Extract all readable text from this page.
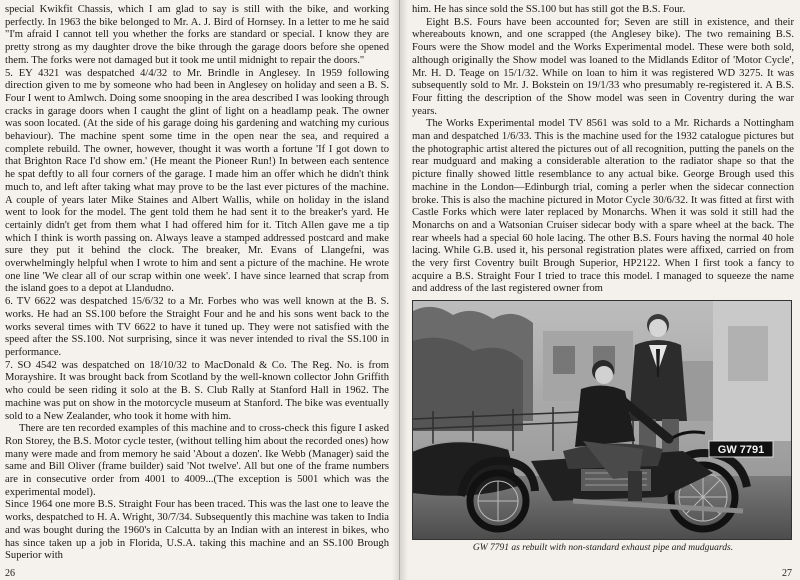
special Kwikfit Chassis, which I am glad to say is still with the bike, and working perfectly. In 1963 the bike belonged to Mr. A. J. Bird of Hornsey. In a letter to me he said "I'm afraid I cannot tell you whether the forks are standard or special. I know they are pretty strong as my daughter drove the bike through the garage doors before she opened them. The forks were not damaged but it took me until midnight to repair the doors."

5. EY 4321 was despatched 4/4/32 to Mr. Brindle in Anglesey. In 1959 following direction given to me by someone who had been in Anglesey on holiday and seen a B. S. Four I went to Amlwch. Doing some snooping in the area described I was looking through cracks in garage doors when I caught the glint of light on a headlamp peak. The owner was soon located. (At the side of his garage doing his gardening and watching my curious behaviour). The machine spent some time in the open near the sea, and required a complete rebuild. The owner, however, thought it was worth a fortune 'If I got down to that Brighton Race I'd show em.' (He meant the Pioneer Run!) In between each sentence he spat deftly to all four corners of the garage. I made him an offer which he didn't think much to, and left after taking what may prove to be the last ever pictures of the machine. A couple of years later Mike Staines and Albert Wallis, while on holiday in the island went to look for the model. The gent told them he had sent it to the breaker's yard. He certainly didn't get from them what I had offered him for it. Titch Allen gave me a tip which I think is worth passing on. Always leave a stamped addressed postcard and make sure they put it behind the clock. The breaker, Mr. Evans of Llangefni, was overwhelmingly helpful when I wrote to him and sent a picture of the machine. He wrote one line 'We clear all of our scrap within one week'. I have since learned that scrap from the island goes to a depot at Llandudno.

6. TV 6622 was despatched 15/6/32 to a Mr. Forbes who was well known at the B. S. works. He had an SS.100 before the Straight Four and he and his sons went back to the works several times with TV 6622 to have it tuned up. They were not satisfied with the speed after the SS.100. Not surprising, since it was never intended to rival the SS.100 in performance.

7. SO 4542 was despatched on 18/10/32 to MacDonald & Co. The Reg. No. is from Morayshire. It was brought back from Scotland by the well-known collector John Griffith who could be seen riding it solo at the B. S. Club Rally at Stanford Hall in 1962. The machine was put on show in the motorcycle museum at Stanford. The bike was eventually sold to a New Zealander, who took it home with him.

There are ten recorded examples of this machine and to cross-check this figure I asked Ron Storey, the B.S. Motor cycle tester, (without telling him about the recorded ones) how many were made and from memory he said 'About a dozen'. Ike Webb (Manager) said the same and Bill Oliver (frame builder) said 'Not twelve'. All but one of the frame numbers are in consecutive order from 4001 to 4009...(The exception is 5001 which was the experimental model).

Since 1964 one more B.S. Straight Four has been traced. This was the last one to leave the works, despatched to H. A. Wright, 30/7/34. Subsequently this machine was taken to India and was bought during the 1960's in Calcutta by an Indian with an interest in bikes, who has since taken up a job in Florida, U.S.A. taking this machine and an SS.100 Brough Superior with

26

him. He has since sold the SS.100 but has still got the B.S. Four.

Eight B.S. Fours have been accounted for; Seven are still in existence, and their whereabouts known, and one scrapped (the Anglesey bike). The two remaining B.S. Fours were the Show model and the Works Experimental model. These were both sold, although originally the Show model was loaned to the Midlands Editor of 'Motor Cycle', Mr. H. D. Teage on 15/1/32. While on loan to him it was registered WD 3275. It was subsequently sold to Mr. J. Bokstein on 19/1/33 who presumably re-registered it. A B.S. Four fitting the description of the Show model was seen in Coventry during the war years.

The Works Experimental model TV 8561 was sold to a Mr. Richards a Nottingham man and despatched 1/6/33. This is the machine used for the 1932 catalogue pictures but the photographic artist altered the pictures out of all recognition, putting the panels on the rear mudguard and making a considerable alteration to the radiator shape so that the picture finally showed little resemblance to any actual bike. George Brough used this machine in the London—Edinburgh trial, coming a perler when the sidecar connection broke. This is also the machine pictured in Motor Cycle 30/6/32. It was fitted at first with Castle Forks which were later replaced by Monarchs. When it was sold it still had the Monarchs on and a Watsonian Cruiser sidecar body with a spare wheel at the back. The rear wheels had a special 60 hole lacing. The other B.S. Fours having the normal 40 hole lacing. While G.B. used it, his personal registration plates were affixed, carried on from the very first Coventry built Brough Superior, HP2122. When I first took a fancy to acquire a B.S. Straight Four I tried to trace this model. I managed to squeeze the name and address of the last registered owner from

GW 7791
GW 7791 as rebuilt with non-standard exhaust pipe and mudguards.
27
